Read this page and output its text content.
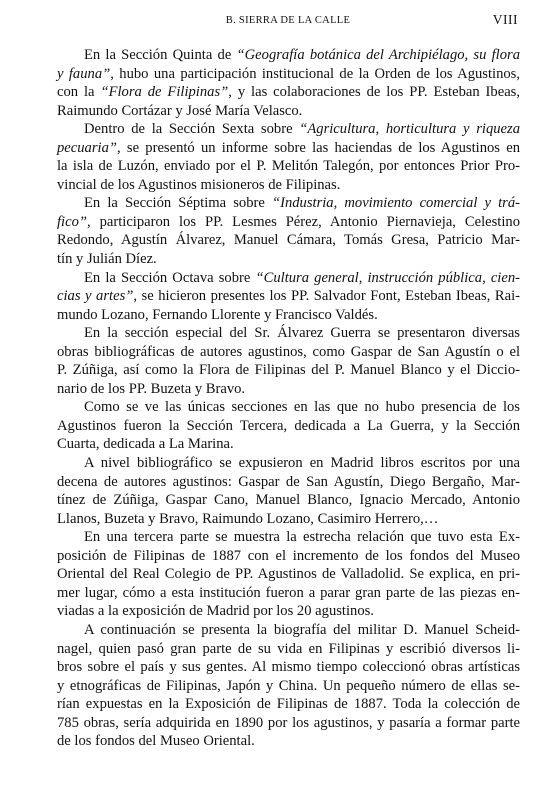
B. SIERRA DE LA CALLE	VIII

En la Sección Quinta de “Geografía botánica del Archipiélago, su flora
y fauna”, hubo una participación institucional de la Orden de los Agustinos,
con la “Flora de Filipinas”, y las colaboraciones de los PP. Esteban Ibeas,
Raimundo Cortázar y José María Velasco.

Dentro de la Sección Sexta sobre “Agricultura, horticultura y riqueza
pecuaria”, se presentó un informe sobre las haciendas de los Agustinos en
la isla de Luzón, enviado por el P. Melitón Talegón, por entonces Prior Pro-
vincial de los Agustinos misioneros de Filipinas.

En la Sección Séptima sobre “Industria, movimiento comercial y trá-
fico”, participaron los PP. Lesmes Pérez, Antonio Piernavieja, Celestino
Redondo, Agustín Álvarez, Manuel Cámara, Tomás Gresa, Patricio Mar-
tín y Julián Díez.

En la Sección Octava sobre “Cultura general, instrucción pública, cien-
cias y artes”, se hicieron presentes los PP. Salvador Font, Esteban Ibeas, Rai-
mundo Lozano, Fernando Llorente y Francisco Valdés.

En la sección especial del Sr. Álvarez Guerra se presentaron diversas
obras bibliográficas de autores agustinos, como Gaspar de San Agustín o el
P. Zúñiga, así como la Flora de Filipinas del P. Manuel Blanco y el Diccio-
nario de los PP. Buzeta y Bravo.

Como se ve las únicas secciones en las que no hubo presencia de los
Agustinos fueron la Sección Tercera, dedicada a La Guerra, y la Sección
Cuarta, dedicada a La Marina.

A nivel bibliográfico se expusieron en Madrid libros escritos por una
decena de autores agustinos: Gaspar de San Agustín, Diego Bergaño, Mar-
tínez de Zúñiga, Gaspar Cano, Manuel Blanco, Ignacio Mercado, Antonio
Llanos, Buzeta y Bravo, Raimundo Lozano, Casimiro Herrero,…

En una tercera parte se muestra la estrecha relación que tuvo esta Ex-
posición de Filipinas de 1887 con el incremento de los fondos del Museo
Oriental del Real Colegio de PP. Agustinos de Valladolid. Se explica, en pri-
mer lugar, cómo a esta institución fueron a parar gran parte de las piezas en-
viadas a la exposición de Madrid por los 20 agustinos.

A continuación se presenta la biografía del militar D. Manuel Scheid-
nagel, quien pasó gran parte de su vida en Filipinas y escribió diversos li-
bros sobre el país y sus gentes. Al mismo tiempo coleccionó obras artísticas
y etnográficas de Filipinas, Japón y China. Un pequeño número de ellas se-
rían expuestas en la Exposición de Filipinas de 1887. Toda la colección de
785 obras, sería adquirida en 1890 por los agustinos, y pasaría a formar parte
de los fondos del Museo Oriental.
